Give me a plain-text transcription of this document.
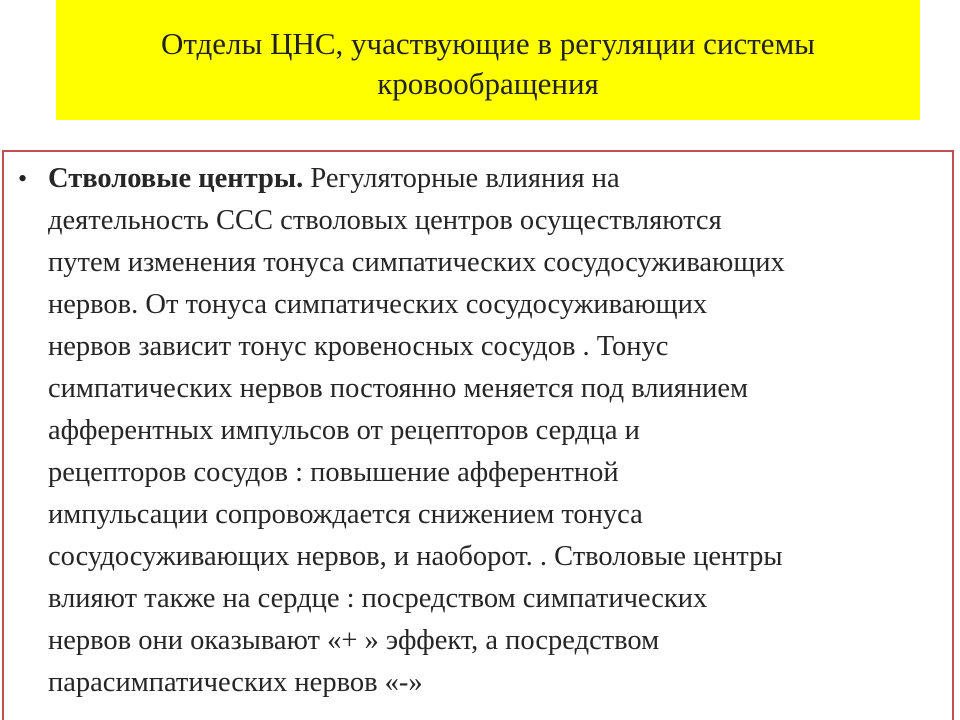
Отделы ЦНС, участвующие в регуляции системы
кровообращения
• Стволовые центры. Регуляторные влияния на
деятельность ССС стволовых центров осуществляются
путем изменения тонуса симпатических сосудосуживающих
нервов. От тонуса симпатических сосудосуживающих
нервов зависит тонус кровеносных сосудов . Тонус
симпатических нервов постоянно меняется под влиянием
афферентных импульсов от рецепторов сердца и
рецепторов сосудов : повышение афферентной
импульсации сопровождается снижением тонуса
сосудосуживающих нервов, и наоборот. . Стволовые центры
влияют также на сердце : посредством симпатических
нервов они оказывают «+ » эффект, а посредством
парасимпатических нервов «-»
